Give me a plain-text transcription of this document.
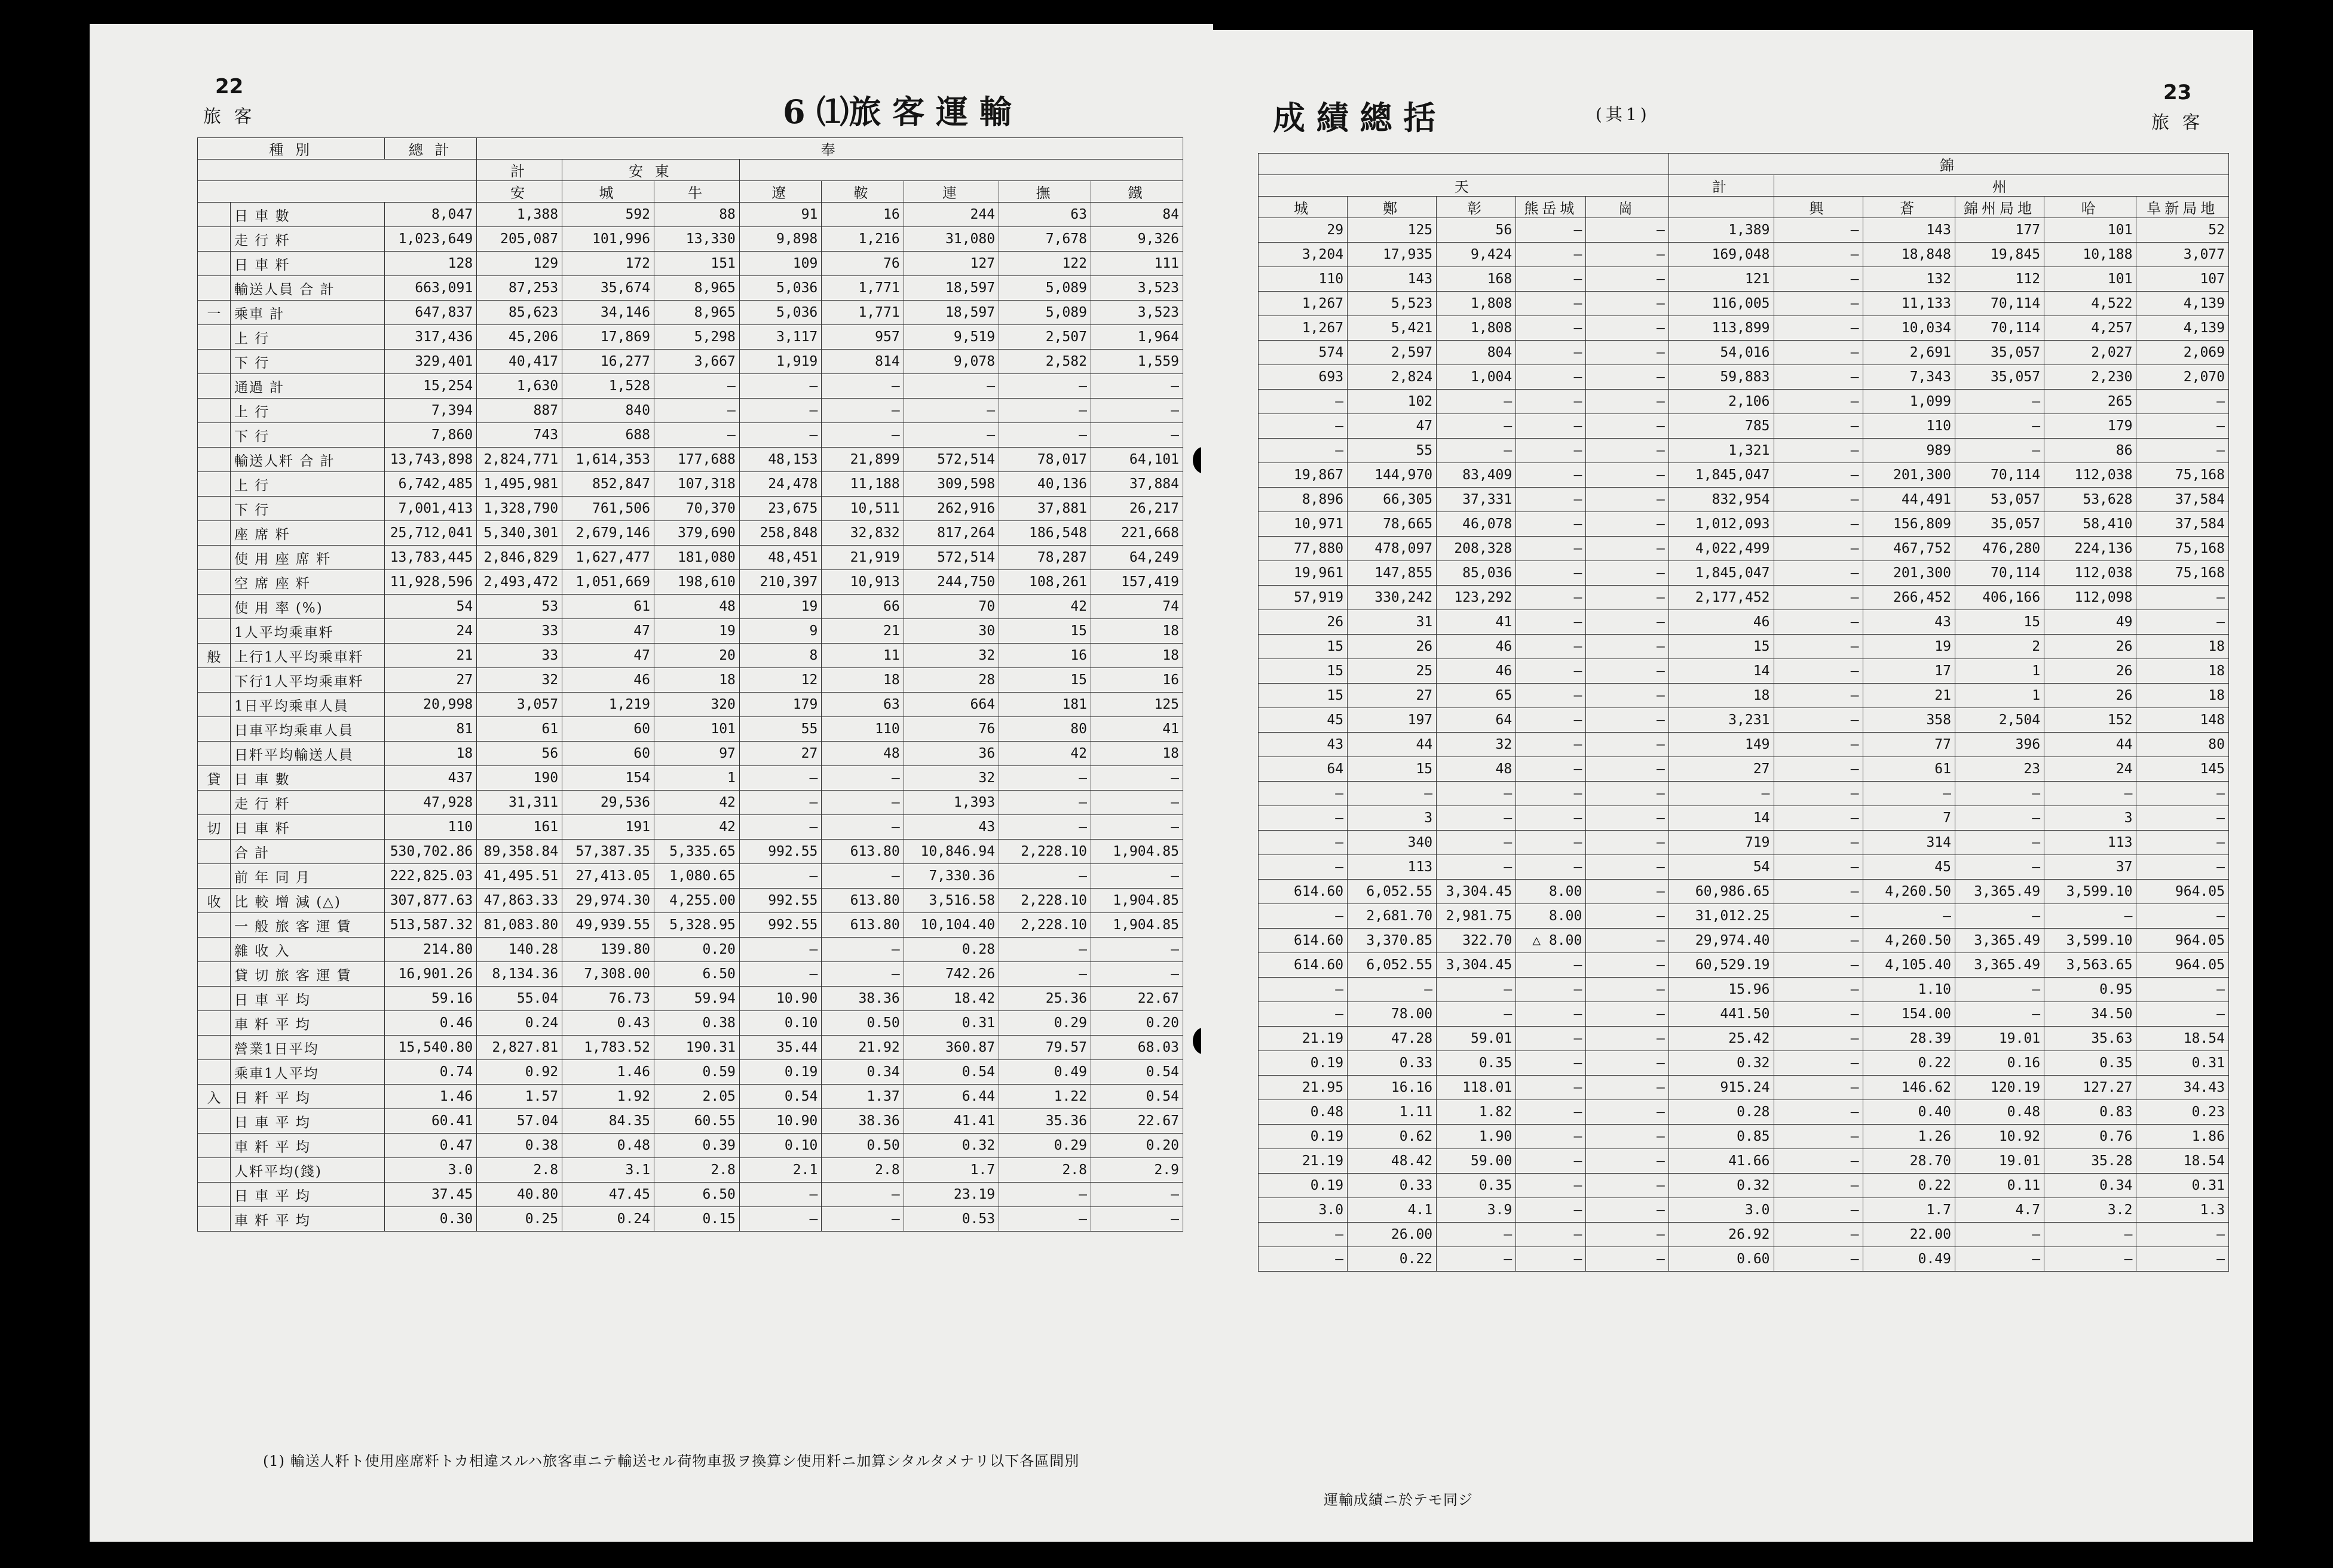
22
旅 客	6 ⑴旅 客 運 輸
種 別		總 計	奉							
			計	安 東						
			安	城	牛	遼	鞍	連	撫	鐵
	日 車 數	8,047	1,388	592	88	91	16	244	63	84
	走 行 粁	1,023,649	205,087	101,996	13,330	9,898	1,216	31,080	7,678	9,326
	日 車 粁	128	129	172	151	109	76	127	122	111
	輸送人員 合 計	663,091	87,253	35,674	8,965	5,036	1,771	18,597	5,089	3,523
一	乘車 計	647,837	85,623	34,146	8,965	5,036	1,771	18,597	5,089	3,523
	上 行	317,436	45,206	17,869	5,298	3,117	957	9,519	2,507	1,964
	下 行	329,401	40,417	16,277	3,667	1,919	814	9,078	2,582	1,559
	通過 計	15,254	1,630	1,528	—	—	—	—	—	—
	上 行	7,394	887	840	—	—	—	—	—	—
	下 行	7,860	743	688	—	—	—	—	—	—
	輸送人粁 合 計	13,743,898	2,824,771	1,614,353	177,688	48,153	21,899	572,514	78,017	64,101
	上 行	6,742,485	1,495,981	852,847	107,318	24,478	11,188	309,598	40,136	37,884
	下 行	7,001,413	1,328,790	761,506	70,370	23,675	10,511	262,916	37,881	26,217
	座 席 粁	25,712,041	5,340,301	2,679,146	379,690	258,848	32,832	817,264	186,548	221,668
	使 用 座 席 粁	13,783,445	2,846,829	1,627,477	181,080	48,451	21,919	572,514	78,287	64,249
	空 席 座 粁	11,928,596	2,493,472	1,051,669	198,610	210,397	10,913	244,750	108,261	157,419
	使 用 率 (%)	54	53	61	48	19	66	70	42	74
	1人平均乘車粁	24	33	47	19	9	21	30	15	18
般	上行1人平均乘車粁	21	33	47	20	8	11	32	16	18
	下行1人平均乘車粁	27	32	46	18	12	18	28	15	16
	1日平均乘車人員	20,998	3,057	1,219	320	179	63	664	181	125
	日車平均乘車人員	81	61	60	101	55	110	76	80	41
	日粁平均輸送人員	18	56	60	97	27	48	36	42	18
貸	日 車 數	437	190	154	1	—	—	32	—	—
	走 行 粁	47,928	31,311	29,536	42	—	—	1,393	—	—
切	日 車 粁	110	161	191	42	—	—	43	—	—
	合 計	530,702.86	89,358.84	57,387.35	5,335.65	992.55	613.80	10,846.94	2,228.10	1,904.85
	前 年 同 月	222,825.03	41,495.51	27,413.05	1,080.65	—	—	7,330.36	—	—
收	比 較 增 減 (△)	307,877.63	47,863.33	29,974.30	4,255.00	992.55	613.80	3,516.58	2,228.10	1,904.85
	一 般 旅 客 運 賃	513,587.32	81,083.80	49,939.55	5,328.95	992.55	613.80	10,104.40	2,228.10	1,904.85
	雜 收 入	214.80	140.28	139.80	0.20	—	—	0.28	—	—
	貸 切 旅 客 運 賃	16,901.26	8,134.36	7,308.00	6.50	—	—	742.26	—	—
	日 車 平 均	59.16	55.04	76.73	59.94	10.90	38.36	18.42	25.36	22.67
	車 粁 平 均	0.46	0.24	0.43	0.38	0.10	0.50	0.31	0.29	0.20
	營業1日平均	15,540.80	2,827.81	1,783.52	190.31	35.44	21.92	360.87	79.57	68.03
	乘車1人平均	0.74	0.92	1.46	0.59	0.19	0.34	0.54	0.49	0.54
入	日 粁 平 均	1.46	1.57	1.92	2.05	0.54	1.37	6.44	1.22	0.54
	日 車 平 均	60.41	57.04	84.35	60.55	10.90	38.36	41.41	35.36	22.67
	車 粁 平 均	0.47	0.38	0.48	0.39	0.10	0.50	0.32	0.29	0.20
	人粁平均(錢)	3.0	2.8	3.1	2.8	2.1	2.8	1.7	2.8	2.9
	日 車 平 均	37.45	40.80	47.45	6.50	—	—	23.19	—	—
	車 粁 平 均	0.30	0.25	0.24	0.15	—	—	0.53	—	—
(1) 輸送人粁ト使用座席粁トカ相違スルハ旅客車ニテ輸送セル荷物車扱ヲ換算シ使用粁ニ加算シタルタメナリ以下各區間別
成 績 總 括	(其1)
23
旅 客
					錦					
天					計	州				
城	鄭	彰	熊岳城	崗		興	蒼	錦州局地	哈	阜新局地
29	125	56	—	—	1,389	—	143	177	101	52
3,204	17,935	9,424	—	—	169,048	—	18,848	19,845	10,188	3,077
110	143	168	—	—	121	—	132	112	101	107
1,267	5,523	1,808	—	—	116,005	—	11,133	70,114	4,522	4,139
1,267	5,421	1,808	—	—	113,899	—	10,034	70,114	4,257	4,139
574	2,597	804	—	—	54,016	—	2,691	35,057	2,027	2,069
693	2,824	1,004	—	—	59,883	—	7,343	35,057	2,230	2,070
—	102	—	—	—	2,106	—	1,099	—	265	—
—	47	—	—	—	785	—	110	—	179	—
—	55	—	—	—	1,321	—	989	—	86	—
19,867	144,970	83,409	—	—	1,845,047	—	201,300	70,114	112,038	75,168
8,896	66,305	37,331	—	—	832,954	—	44,491	53,057	53,628	37,584
10,971	78,665	46,078	—	—	1,012,093	—	156,809	35,057	58,410	37,584
77,880	478,097	208,328	—	—	4,022,499	—	467,752	476,280	224,136	75,168
19,961	147,855	85,036	—	—	1,845,047	—	201,300	70,114	112,038	75,168
57,919	330,242	123,292	—	—	2,177,452	—	266,452	406,166	112,098	—
26	31	41	—	—	46	—	43	15	49	—
15	26	46	—	—	15	—	19	2	26	18
15	25	46	—	—	14	—	17	1	26	18
15	27	65	—	—	18	—	21	1	26	18
45	197	64	—	—	3,231	—	358	2,504	152	148
43	44	32	—	—	149	—	77	396	44	80
64	15	48	—	—	27	—	61	23	24	145
—	—	—	—	—	—	—	—	—	—	—
—	3	—	—	—	14	—	7	—	3	—
—	340	—	—	—	719	—	314	—	113	—
—	113	—	—	—	54	—	45	—	37	—
614.60	6,052.55	3,304.45	8.00	—	60,986.65	—	4,260.50	3,365.49	3,599.10	964.05
—	2,681.70	2,981.75	8.00	—	31,012.25	—	—	—	—	—
614.60	3,370.85	322.70	△ 8.00	—	29,974.40	—	4,260.50	3,365.49	3,599.10	964.05
614.60	6,052.55	3,304.45	—	—	60,529.19	—	4,105.40	3,365.49	3,563.65	964.05
—	—	—	—	—	15.96	—	1.10	—	0.95	—
—	78.00	—	—	—	441.50	—	154.00	—	34.50	—
21.19	47.28	59.01	—	—	25.42	—	28.39	19.01	35.63	18.54
0.19	0.33	0.35	—	—	0.32	—	0.22	0.16	0.35	0.31
21.95	16.16	118.01	—	—	915.24	—	146.62	120.19	127.27	34.43
0.48	1.11	1.82	—	—	0.28	—	0.40	0.48	0.83	0.23
0.19	0.62	1.90	—	—	0.85	—	1.26	10.92	0.76	1.86
21.19	48.42	59.00	—	—	41.66	—	28.70	19.01	35.28	18.54
0.19	0.33	0.35	—	—	0.32	—	0.22	0.11	0.34	0.31
3.0	4.1	3.9	—	—	3.0	—	1.7	4.7	3.2	1.3
—	26.00	—	—	—	26.92	—	22.00	—	—	—
—	0.22	—	—	—	0.60	—	0.49	—	—	—
運輸成績ニ於テモ同ジ
